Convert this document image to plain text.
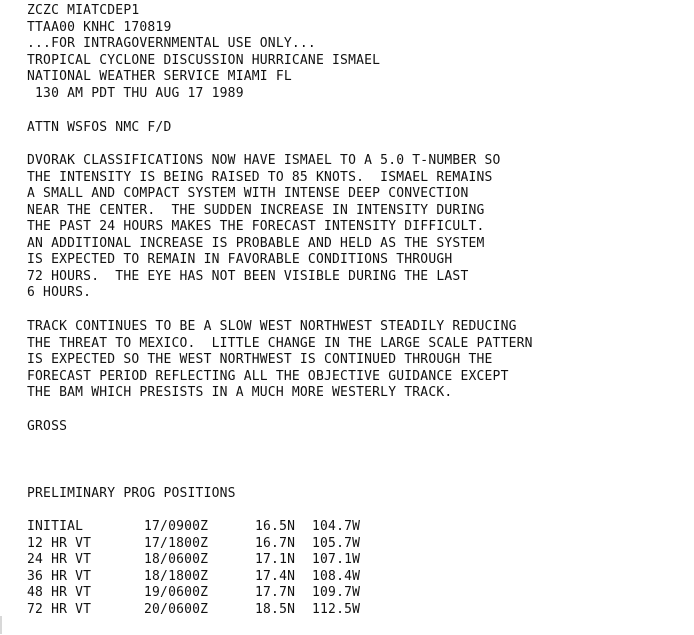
ZCZC MIATCDEP1
TTAA00 KNHC 170819
...FOR INTRAGOVERNMENTAL USE ONLY...
TROPICAL CYCLONE DISCUSSION HURRICANE ISMAEL
NATIONAL WEATHER SERVICE MIAMI FL
130 AM PDT THU AUG 17 1989
ATTN WSFOS NMC F/D
DVORAK CLASSIFICATIONS NOW HAVE ISMAEL TO A 5.0 T-NUMBER SO
THE INTENSITY IS BEING RAISED TO 85 KNOTS.  ISMAEL REMAINS
A SMALL AND COMPACT SYSTEM WITH INTENSE DEEP CONVECTION
NEAR THE CENTER.  THE SUDDEN INCREASE IN INTENSITY DURING
THE PAST 24 HOURS MAKES THE FORECAST INTENSITY DIFFICULT.
AN ADDITIONAL INCREASE IS PROBABLE AND HELD AS THE SYSTEM
IS EXPECTED TO REMAIN IN FAVORABLE CONDITIONS THROUGH
72 HOURS.  THE EYE HAS NOT BEEN VISIBLE DURING THE LAST
6 HOURS.
TRACK CONTINUES TO BE A SLOW WEST NORTHWEST STEADILY REDUCING
THE THREAT TO MEXICO.  LITTLE CHANGE IN THE LARGE SCALE PATTERN
IS EXPECTED SO THE WEST NORTHWEST IS CONTINUED THROUGH THE
FORECAST PERIOD REFLECTING ALL THE OBJECTIVE GUIDANCE EXCEPT
THE BAM WHICH PRESISTS IN A MUCH MORE WESTERLY TRACK.
GROSS
PRELIMINARY PROG POSITIONS
INITIAL	17/0900Z	16.5N	104.7W
12 HR VT	17/1800Z	16.7N	105.7W
24 HR VT	18/0600Z	17.1N	107.1W
36 HR VT	18/1800Z	17.4N	108.4W
48 HR VT	19/0600Z	17.7N	109.7W
72 HR VT	20/0600Z	18.5N	112.5W
